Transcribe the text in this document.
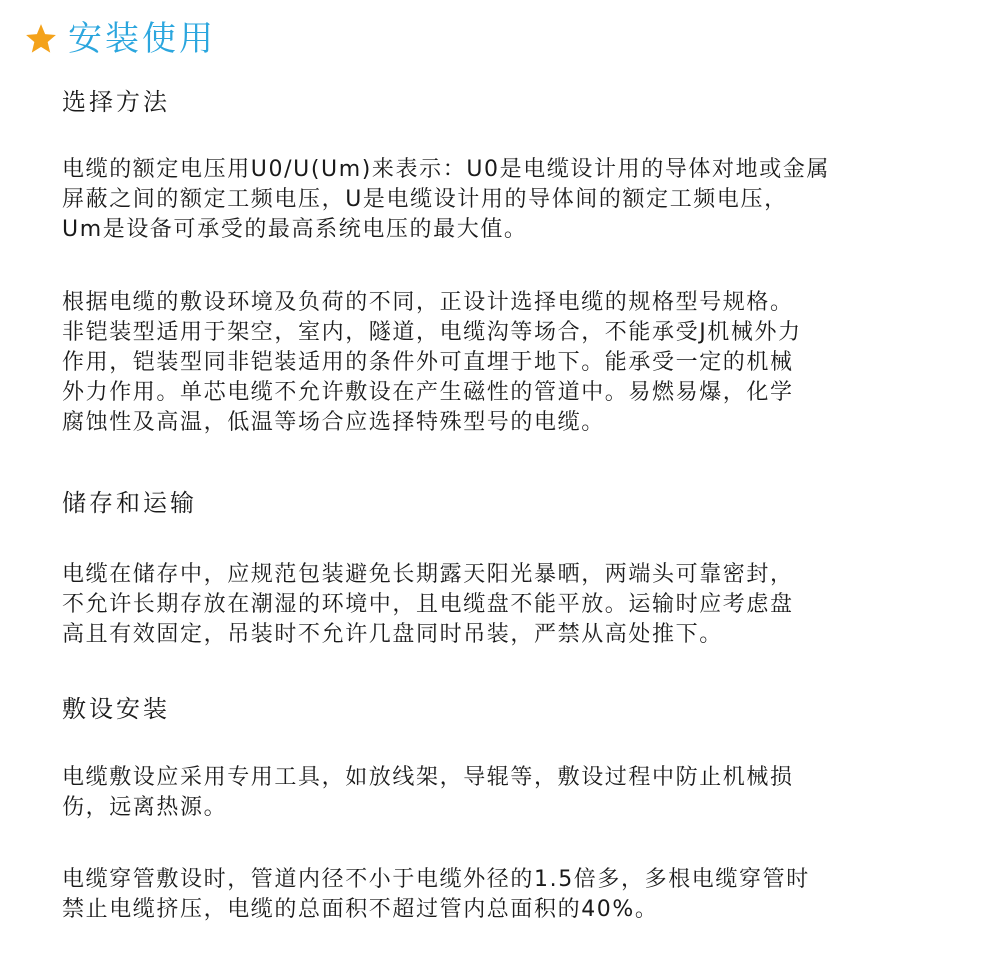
安装使用
选择方法
电缆的额定电压用U0/U(Um)来表示：U0是电缆设计用的导体对地或金属
屏蔽之间的额定工频电压，U是电缆设计用的导体间的额定工频电压，
Um是设备可承受的最高系统电压的最大值。
根据电缆的敷设环境及负荷的不同，正设计选择电缆的规格型号规格。
非铠装型适用于架空，室内，隧道，电缆沟等场合，不能承受J机械外力
作用，铠装型同非铠装适用的条件外可直埋于地下。能承受一定的机械
外力作用。单芯电缆不允许敷设在产生磁性的管道中。易燃易爆，化学
腐蚀性及高温，低温等场合应选择特殊型号的电缆。
储存和运输
电缆在储存中，应规范包装避免长期露天阳光暴晒，两端头可靠密封，
不允许长期存放在潮湿的环境中，且电缆盘不能平放。运输时应考虑盘
高且有效固定，吊装时不允许几盘同时吊装，严禁从高处推下。
敷设安装
电缆敷设应采用专用工具，如放线架，导辊等，敷设过程中防止机械损
伤，远离热源。
电缆穿管敷设时，管道内径不小于电缆外径的1.5倍多，多根电缆穿管时
禁止电缆挤压，电缆的总面积不超过管内总面积的40%。
